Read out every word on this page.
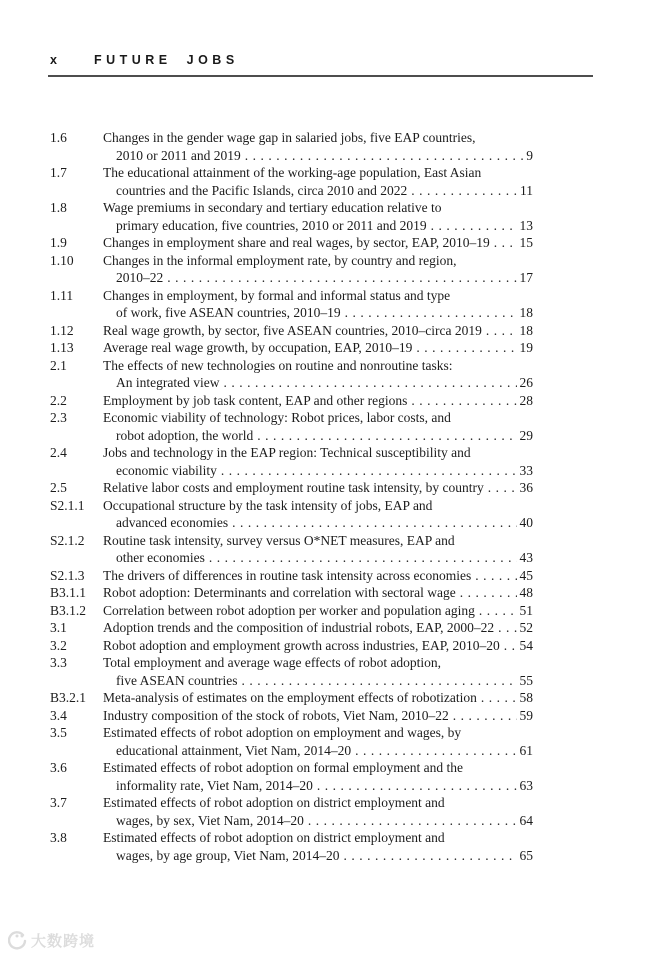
x	FUTURE JOBS
1.6	Changes in the gender wage gap in salaried jobs, five EAP countries,
2010 or 2011 and 2019 .....	9
1.7	The educational attainment of the working-age population, East Asian
countries and the Pacific Islands, circa 2010 and 2022 .....	11
1.8	Wage premiums in secondary and tertiary education relative to
primary education, five countries, 2010 or 2011 and 2019 .....	13
1.9	Changes in employment share and real wages, by sector, EAP, 2010–19 ..... 15
1.10	Changes in the informal employment rate, by country and region,
2010–22 .....	17
1.11	Changes in employment, by formal and informal status and type
of work, five ASEAN countries, 2010–19 .....	18
1.12	Real wage growth, by sector, five ASEAN countries, 2010–circa 2019 .....	18
1.13	Average real wage growth, by occupation, EAP, 2010–19 .....	19
2.1	The effects of new technologies on routine and nonroutine tasks:
An integrated view .....	26
2.2	Employment by job task content, EAP and other regions .....	28
2.3	Economic viability of technology: Robot prices, labor costs, and
robot adoption, the world .....	29
2.4	Jobs and technology in the EAP region: Technical susceptibility and
economic viability .....	33
2.5	Relative labor costs and employment routine task intensity, by country .....	36
S2.1.1	Occupational structure by the task intensity of jobs, EAP and
advanced economies .....	40
S2.1.2	Routine task intensity, survey versus O*NET measures, EAP and
other economies .....	43
S2.1.3	The drivers of differences in routine task intensity across economies .....	45
B3.1.1	Robot adoption: Determinants and correlation with sectoral wage .....	48
B3.1.2	Correlation between robot adoption per worker and population aging .....	51
3.1	Adoption trends and the composition of industrial robots, EAP, 2000–22 ..... 52
3.2	Robot adoption and employment growth across industries, EAP, 2010–20 ..... 54
3.3	Total employment and average wage effects of robot adoption,
five ASEAN countries .....	55
B3.2.1	Meta-analysis of estimates on the employment effects of robotization .....	58
3.4	Industry composition of the stock of robots, Viet Nam, 2010–22 .....	59
3.5	Estimated effects of robot adoption on employment and wages, by
educational attainment, Viet Nam, 2014–20 .....	61
3.6	Estimated effects of robot adoption on formal employment and the
informality rate, Viet Nam, 2014–20 .....	63
3.7	Estimated effects of robot adoption on district employment and
wages, by sex, Viet Nam, 2014–20 .....	64
3.8	Estimated effects of robot adoption on district employment and
wages, by age group, Viet Nam, 2014–20 .....	65
大数跨境
